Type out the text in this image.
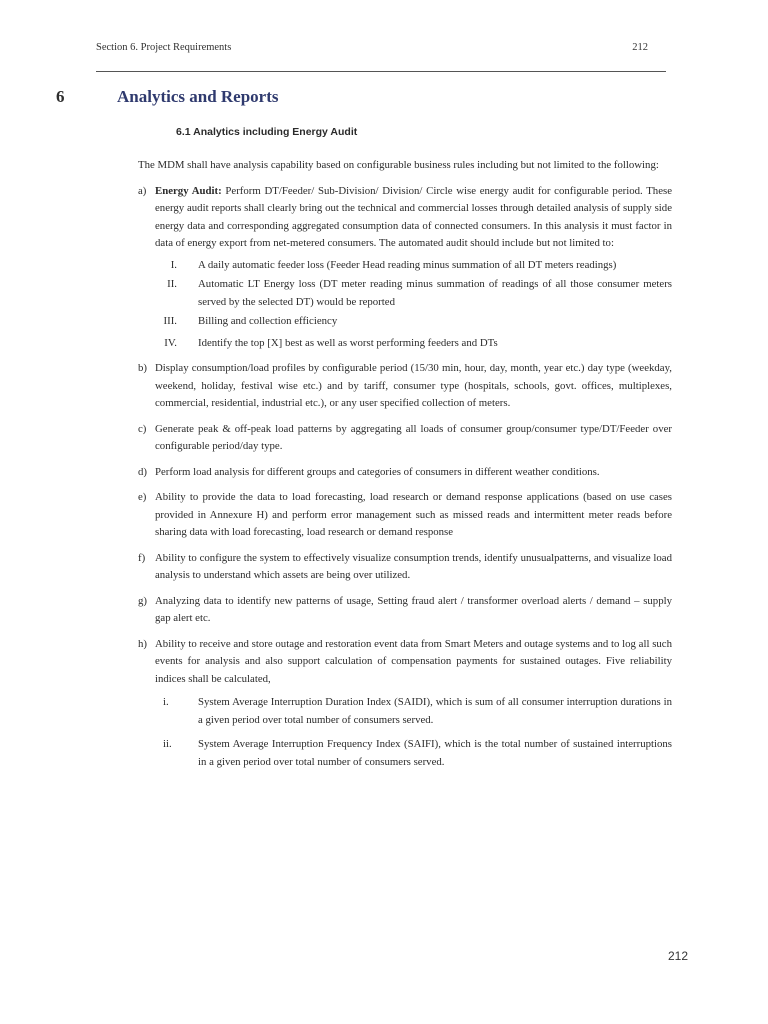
Section 6. Project Requirements	212
6	Analytics and Reports
6.1 Analytics including Energy Audit

The MDM shall have analysis capability based on configurable business rules including but not limited to the following:

a) Energy Audit: Perform DT/Feeder/ Sub-Division/ Division/ Circle wise energy audit for configurable period. These energy audit reports shall clearly bring out the technical and commercial losses through detailed analysis of supply side energy data and corresponding aggregated consumption data of connected consumers. In this analysis it must factor in data of energy export from net-metered consumers. The automated audit should include but not limited to:
I. A daily automatic feeder loss (Feeder Head reading minus summation of all DT meters readings)
II. Automatic LT Energy loss (DT meter reading minus summation of readings of all those consumer meters served by the selected DT) would be reported
III. Billing and collection efficiency
IV. Identify the top [X] best as well as worst performing feeders and DTs
b) Display consumption/load profiles by configurable period (15/30 min, hour, day, month, year etc.) day type (weekday, weekend, holiday, festival wise etc.) and by tariff, consumer type (hospitals, schools, govt. offices, multiplexes, commercial, residential, industrial etc.), or any user specified collection of meters.
c) Generate peak & off-peak load patterns by aggregating all loads of consumer group/consumer type/DT/Feeder over configurable period/day type.
d) Perform load analysis for different groups and categories of consumers in different weather conditions.
e) Ability to provide the data to load forecasting, load research or demand response applications (based on use cases provided in Annexure H) and perform error management such as missed reads and intermittent meter reads before sharing data with load forecasting, load research or demand response
f) Ability to configure the system to effectively visualize consumption trends, identify unusualpatterns, and visualize load analysis to understand which assets are being over utilized.
g) Analyzing data to identify new patterns of usage, Setting fraud alert / transformer overload alerts / demand – supply gap alert etc.
h) Ability to receive and store outage and restoration event data from Smart Meters and outage systems and to log all such events for analysis and also support calculation of compensation payments for sustained outages. Five reliability indices shall be calculated,
i.	System Average Interruption Duration Index (SAIDI), which is sum of all consumer interruption durations in a given period over total number of consumers served.
ii. System Average Interruption Frequency Index (SAIFI), which is the total number of sustained interruptions in a given period over total number of consumers served.
212
